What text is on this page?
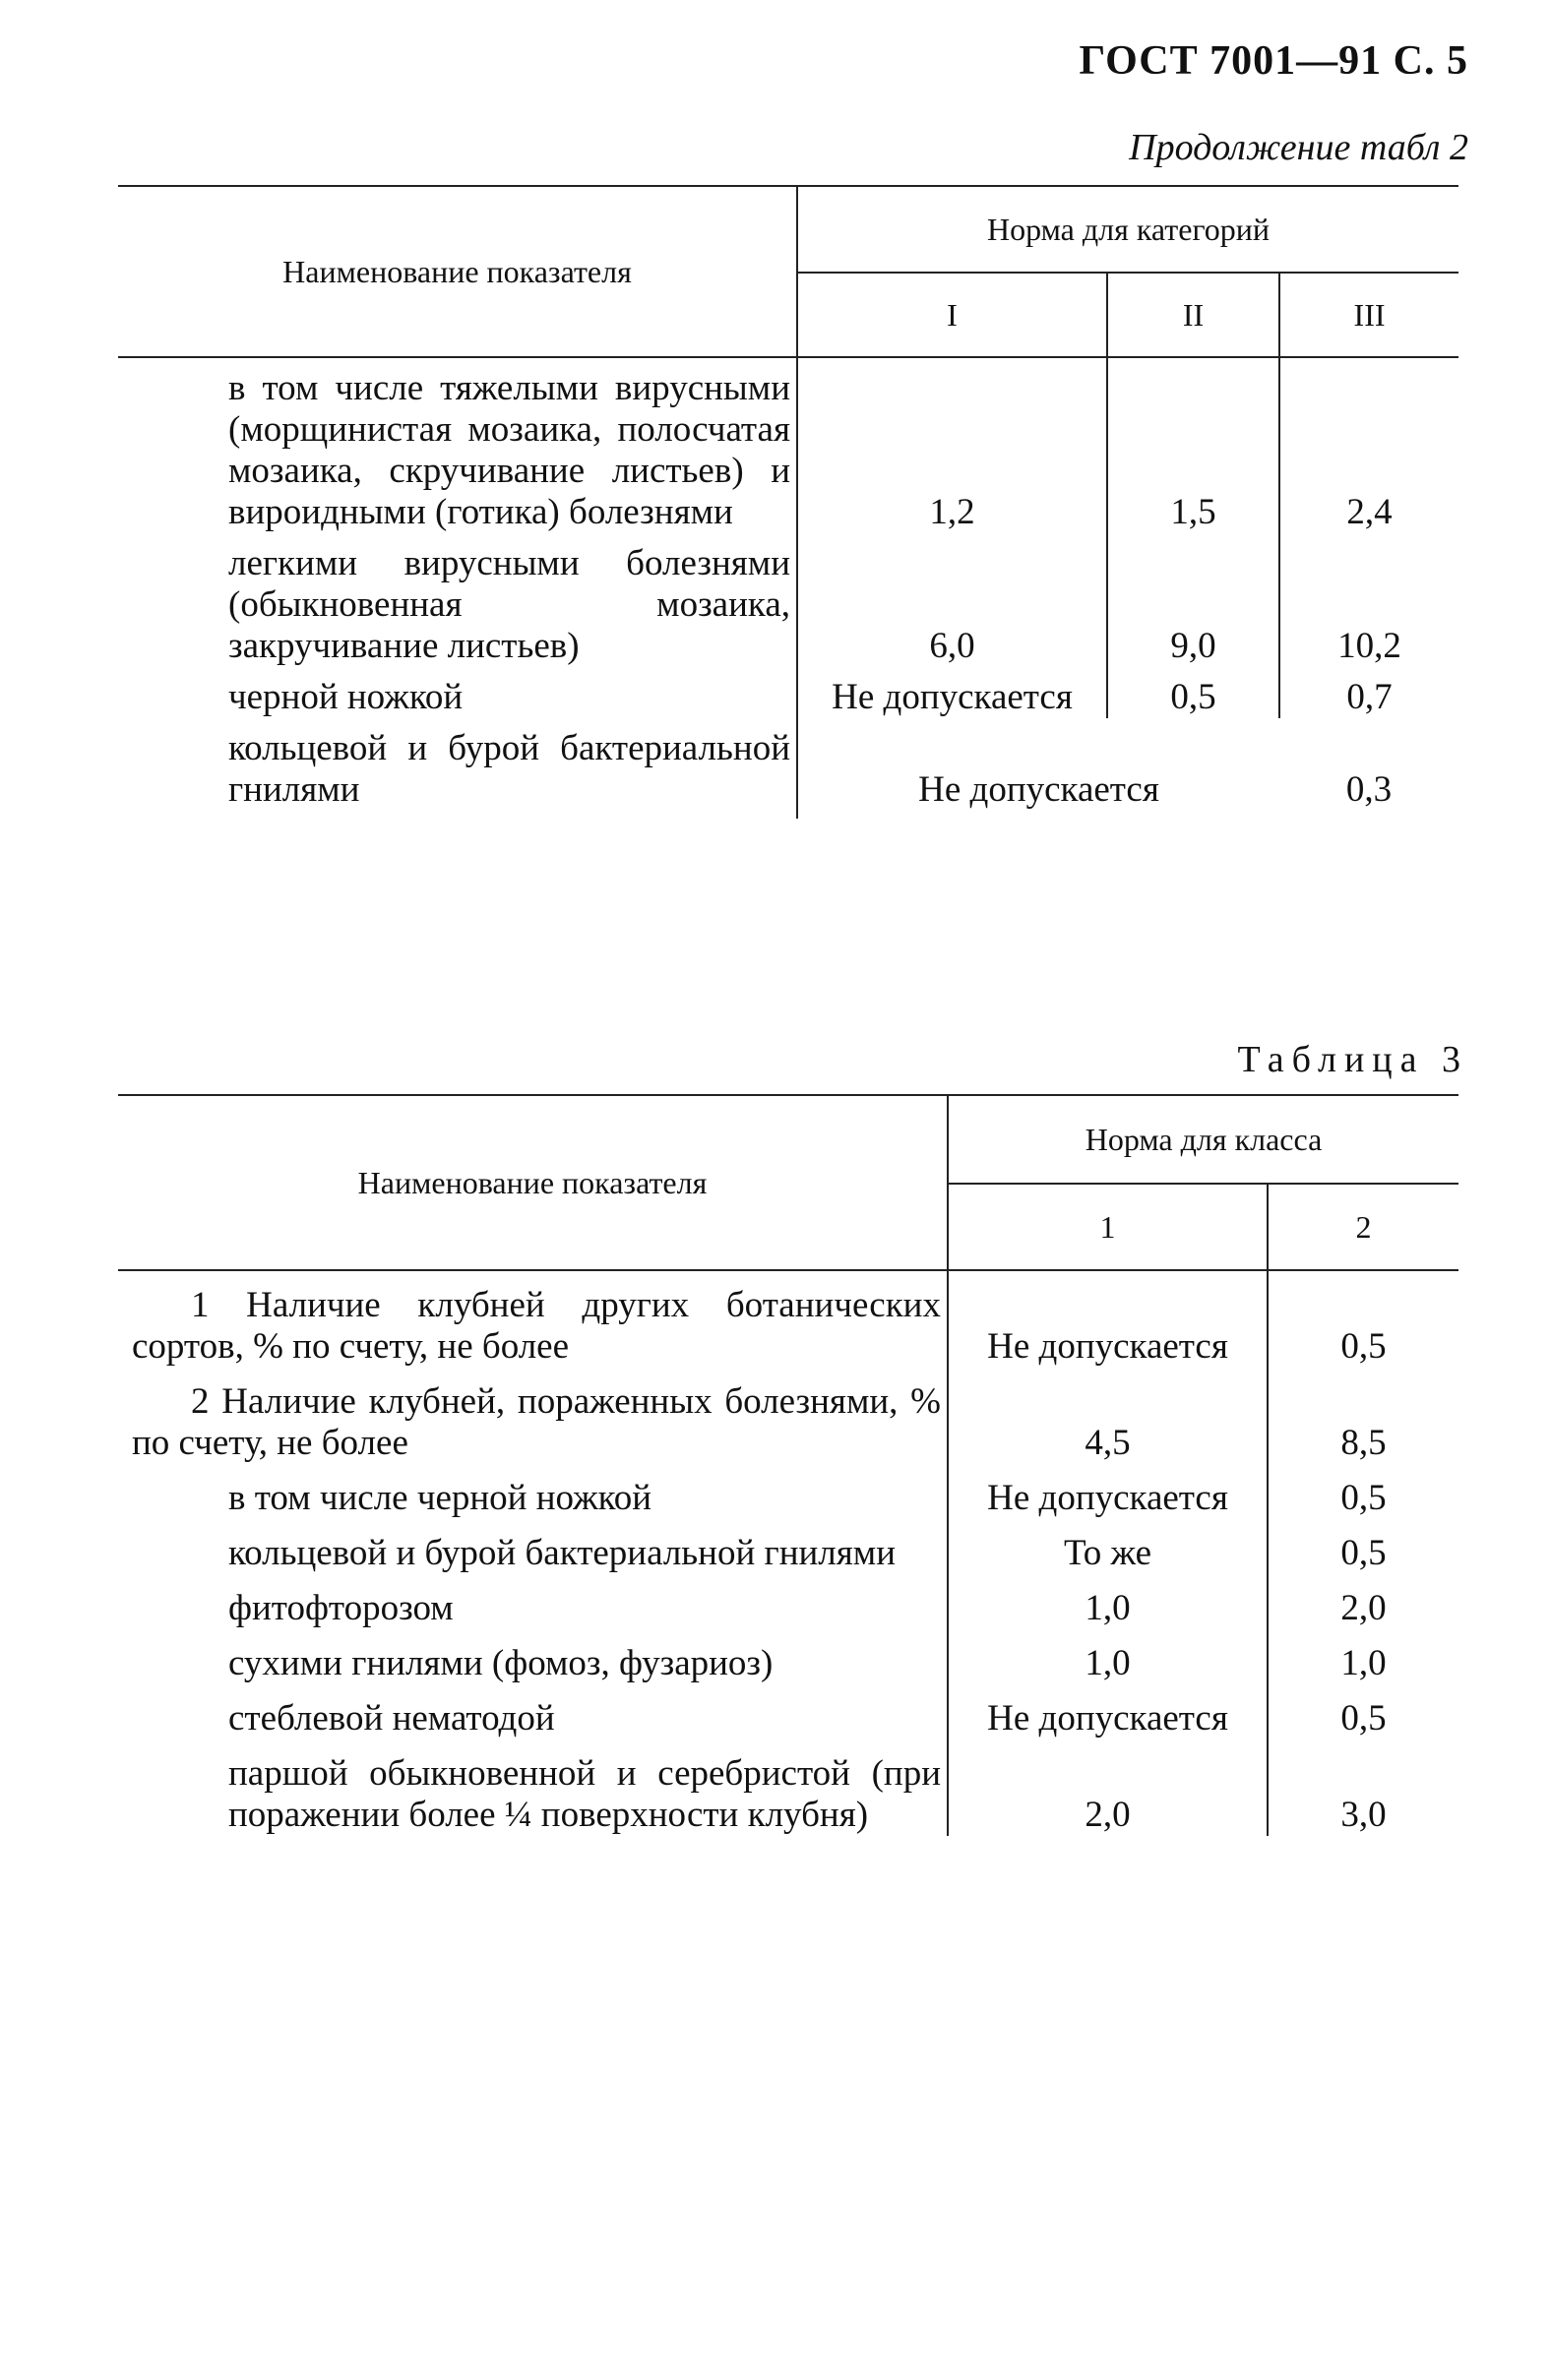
ГОСТ 7001—91 С. 5
Продолжение табл 2
Наименование показателя	Норма для категорий		
	I	II	III
в том числе тяжелыми вирусными (морщинистая мозаика, полосчатая мозаика, скручивание листьев) и вироидными (готика) болезнями	1,2	1,5	2,4
легкими вирусными болезнями (обыкновенная мозаика, закручивание листьев)	6,0	9,0	10,2
черной ножкой	Не допускается	0,5	0,7
кольцевой и бурой бактериальной гнилями	Не допускается		0,3
Таблица 3
Наименование показателя	Норма для класса	
	1	2

1 Наличие клубней других ботанических сортов, % по счету, не более	Не допускается	0,5

2 Наличие клубней, пораженных болезнями, % по счету, не более	4,5	8,5
в том числе черной ножкой	Не допускается	0,5
кольцевой и бурой бактериальной гнилями	То же	0,5
фитофторозом	1,0	2,0
сухими гнилями (фомоз, фузариоз)	1,0	1,0
стеблевой нематодой	Не допускается	0,5
паршой обыкновенной и серебристой (при поражении более ¼ поверхности клубня)	2,0	3,0
